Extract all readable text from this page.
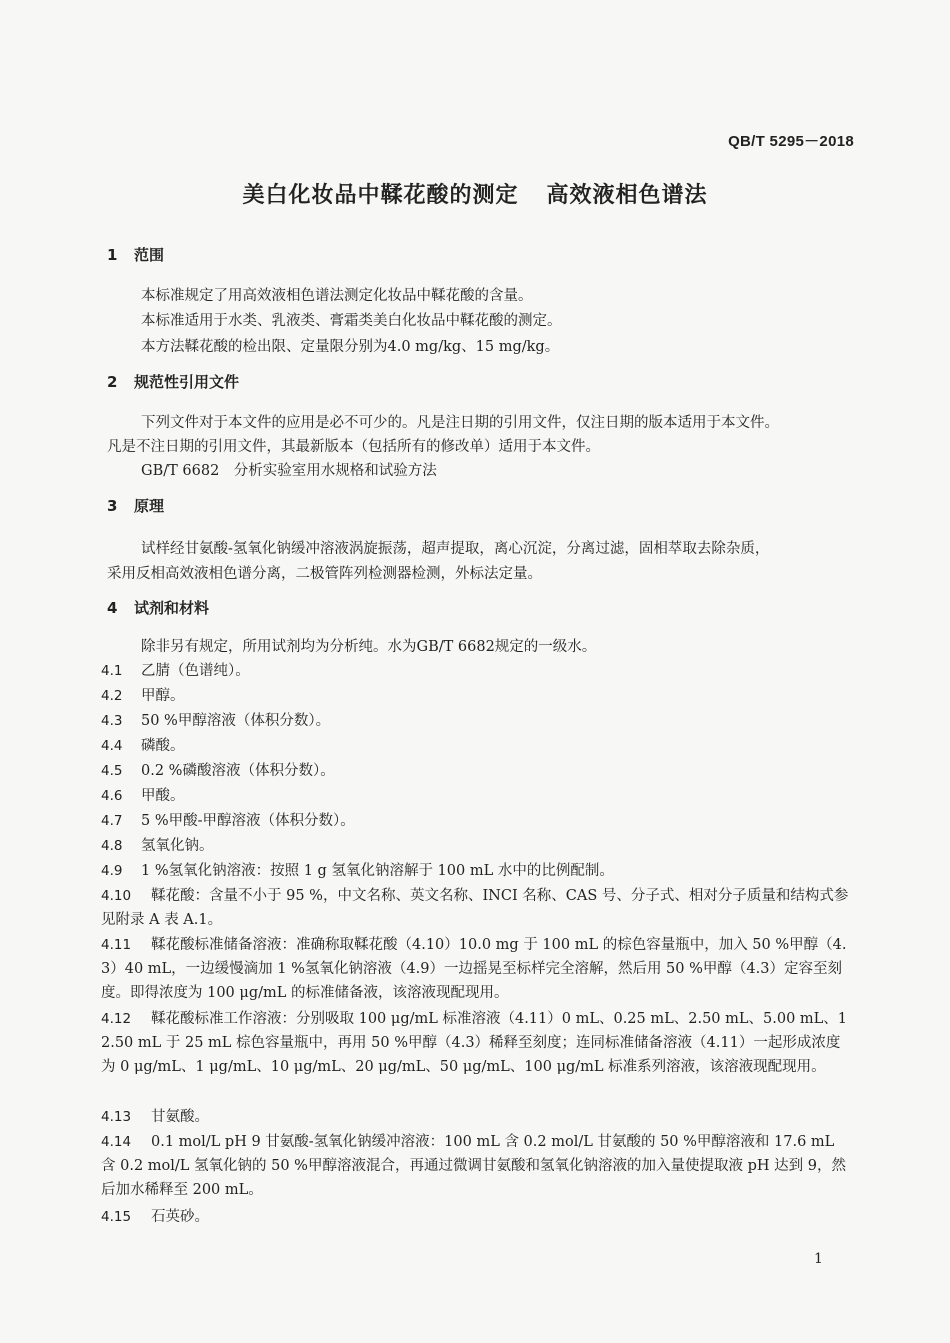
QB/T 5295－2018
美白化妆品中鞣花酸的测定 高效液相色谱法
1 范围
本标准规定了用高效液相色谱法测定化妆品中鞣花酸的含量。
本标准适用于水类、乳液类、膏霜类美白化妆品中鞣花酸的测定。
本方法鞣花酸的检出限、定量限分别为4.0 mg/kg、15 mg/kg。
2 规范性引用文件
下列文件对于本文件的应用是必不可少的。凡是注日期的引用文件，仅注日期的版本适用于本文件。
凡是不注日期的引用文件，其最新版本（包括所有的修改单）适用于本文件。
GB/T 6682　分析实验室用水规格和试验方法
3 原理
试样经甘氨酸-氢氧化钠缓冲溶液涡旋振荡，超声提取，离心沉淀，分离过滤，固相萃取去除杂质，
采用反相高效液相色谱分离，二极管阵列检测器检测，外标法定量。
4 试剂和材料
除非另有规定，所用试剂均为分析纯。水为GB/T 6682规定的一级水。
4.1 乙腈（色谱纯）。
4.2 甲醇。
4.3 50 %甲醇溶液（体积分数）。
4.4 磷酸。
4.5 0.2 %磷酸溶液（体积分数）。
4.6 甲酸。
4.7 5 %甲酸-甲醇溶液（体积分数）。
4.8 氢氧化钠。
4.9 1 %氢氧化钠溶液：按照 1 g 氢氧化钠溶解于 100 mL 水中的比例配制。
4.10 鞣花酸：含量不小于 95 %，中文名称、英文名称、INCI 名称、CAS 号、分子式、相对分子质量和结构式参见附录 A 表 A.1。
4.11 鞣花酸标准储备溶液：准确称取鞣花酸（4.10）10.0 mg 于 100 mL 的棕色容量瓶中，加入 50 %甲醇（4.3）40 mL，一边缓慢滴加 1 %氢氧化钠溶液（4.9）一边摇晃至标样完全溶解，然后用 50 %甲醇（4.3）定容至刻度。即得浓度为 100 μg/mL 的标准储备液，该溶液现配现用。
4.12 鞣花酸标准工作溶液：分别吸取 100 μg/mL 标准溶液（4.11）0 mL、0.25 mL、2.50 mL、5.00 mL、12.50 mL 于 25 mL 棕色容量瓶中，再用 50 %甲醇（4.3）稀释至刻度；连同标准储备溶液（4.11）一起形成浓度为 0 μg/mL、1 μg/mL、10 μg/mL、20 μg/mL、50 μg/mL、100 μg/mL 标准系列溶液，该溶液现配现用。
4.13 甘氨酸。
4.14 0.1 mol/L pH 9 甘氨酸-氢氧化钠缓冲溶液：100 mL 含 0.2 mol/L 甘氨酸的 50 %甲醇溶液和 17.6 mL 含 0.2 mol/L 氢氧化钠的 50 %甲醇溶液混合，再通过微调甘氨酸和氢氧化钠溶液的加入量使提取液 pH 达到 9，然后加水稀释至 200 mL。
4.15 石英砂。
1
